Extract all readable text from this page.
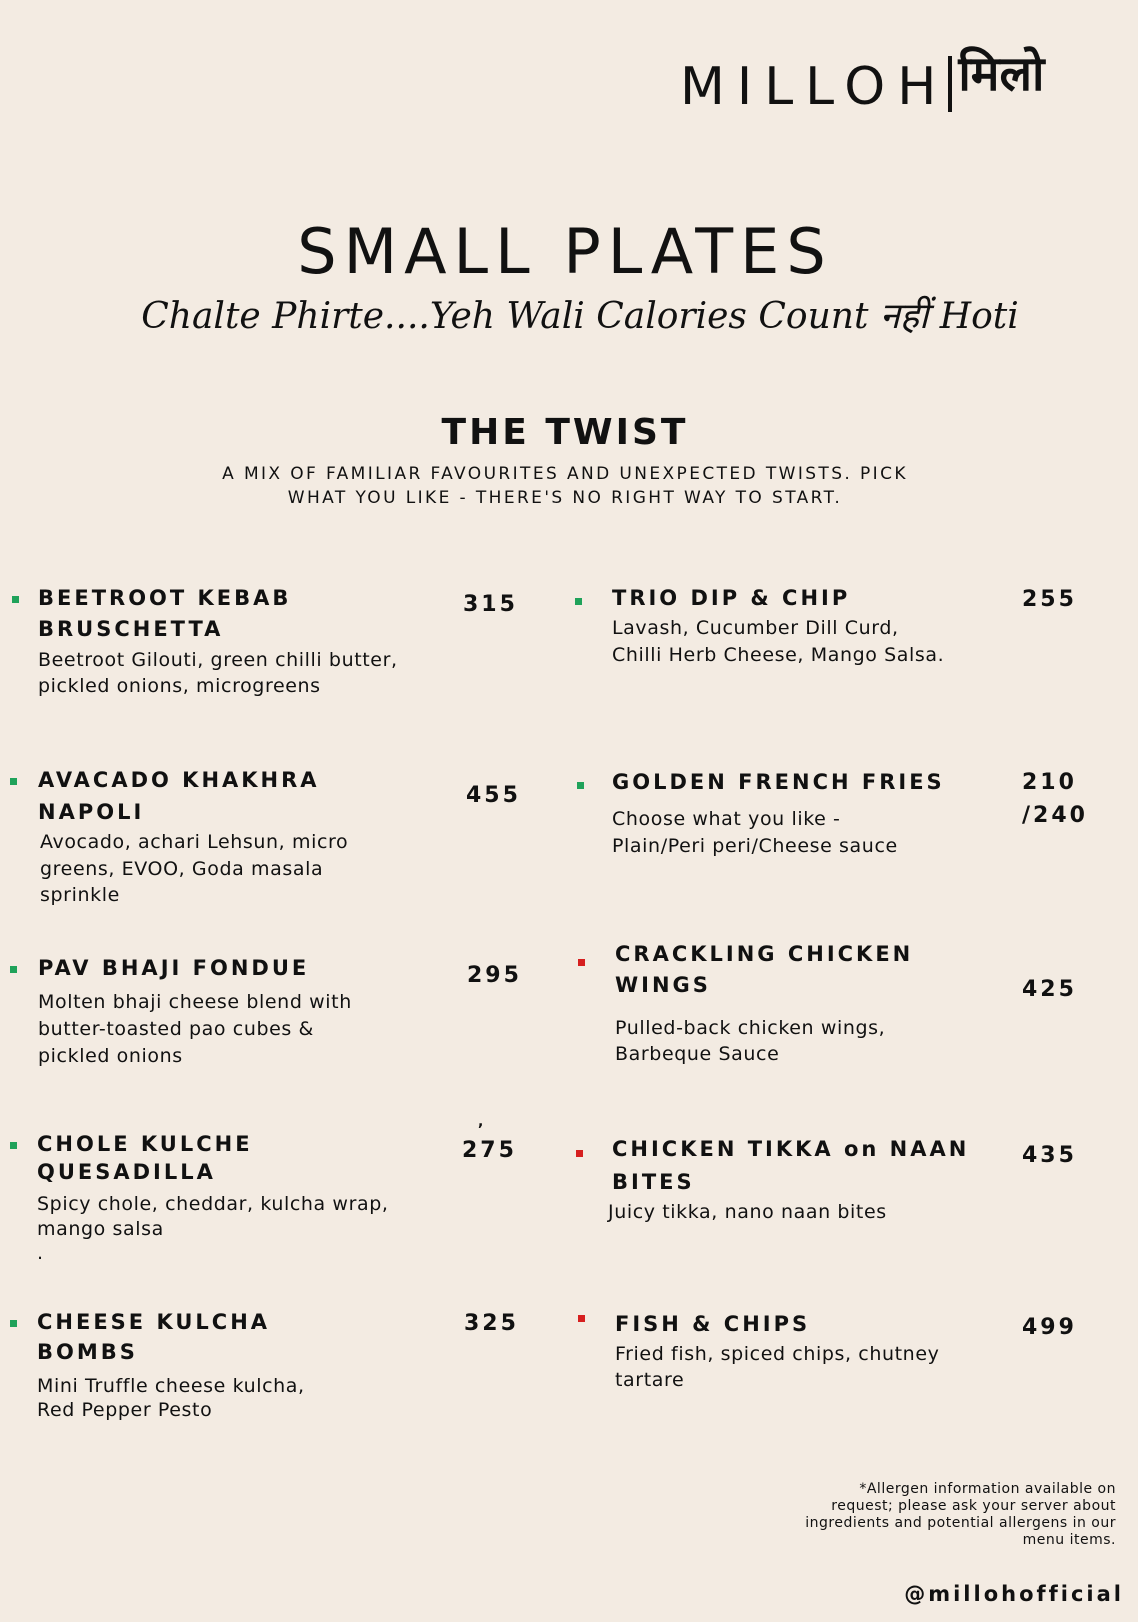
MILLOH मिलो
SMALL PLATES
Chalte Phirte....Yeh Wali Calories Count नहीं Hoti
THE TWIST
A MIX OF FAMILIAR FAVOURITES AND UNEXPECTED TWISTS. PICK
WHAT YOU LIKE - THERE'S NO RIGHT WAY TO START.
BEETROOT KEBAB
BRUSCHETTA
Beetroot Gilouti, green chilli butter,
pickled onions, microgreens
315
AVACADO KHAKHRA
NAPOLI
Avocado, achari Lehsun, micro
greens, EVOO, Goda masala
sprinkle
455
PAV BHAJI FONDUE
Molten bhaji cheese blend with
butter-toasted pao cubes &
pickled onions
295
CHOLE KULCHE
QUESADILLA
Spicy chole, cheddar, kulcha wrap,
mango salsa
.
275
,
CHEESE KULCHA
BOMBS
Mini Truffle cheese kulcha,
Red Pepper Pesto
325
TRIO DIP & CHIP
Lavash, Cucumber Dill Curd,
Chilli Herb Cheese, Mango Salsa.
255
GOLDEN FRENCH FRIES
Choose what you like -
Plain/Peri peri/Cheese sauce
210
/240
CRACKLING CHICKEN
WINGS
Pulled-back chicken wings,
Barbeque Sauce
425
CHICKEN TIKKA on NAAN
BITES
Juicy tikka, nano naan bites
435
FISH & CHIPS
Fried fish, spiced chips, chutney
tartare
499
*Allergen information available on
request; please ask your server about
ingredients and potential allergens in our
menu items.
@millohofficial
